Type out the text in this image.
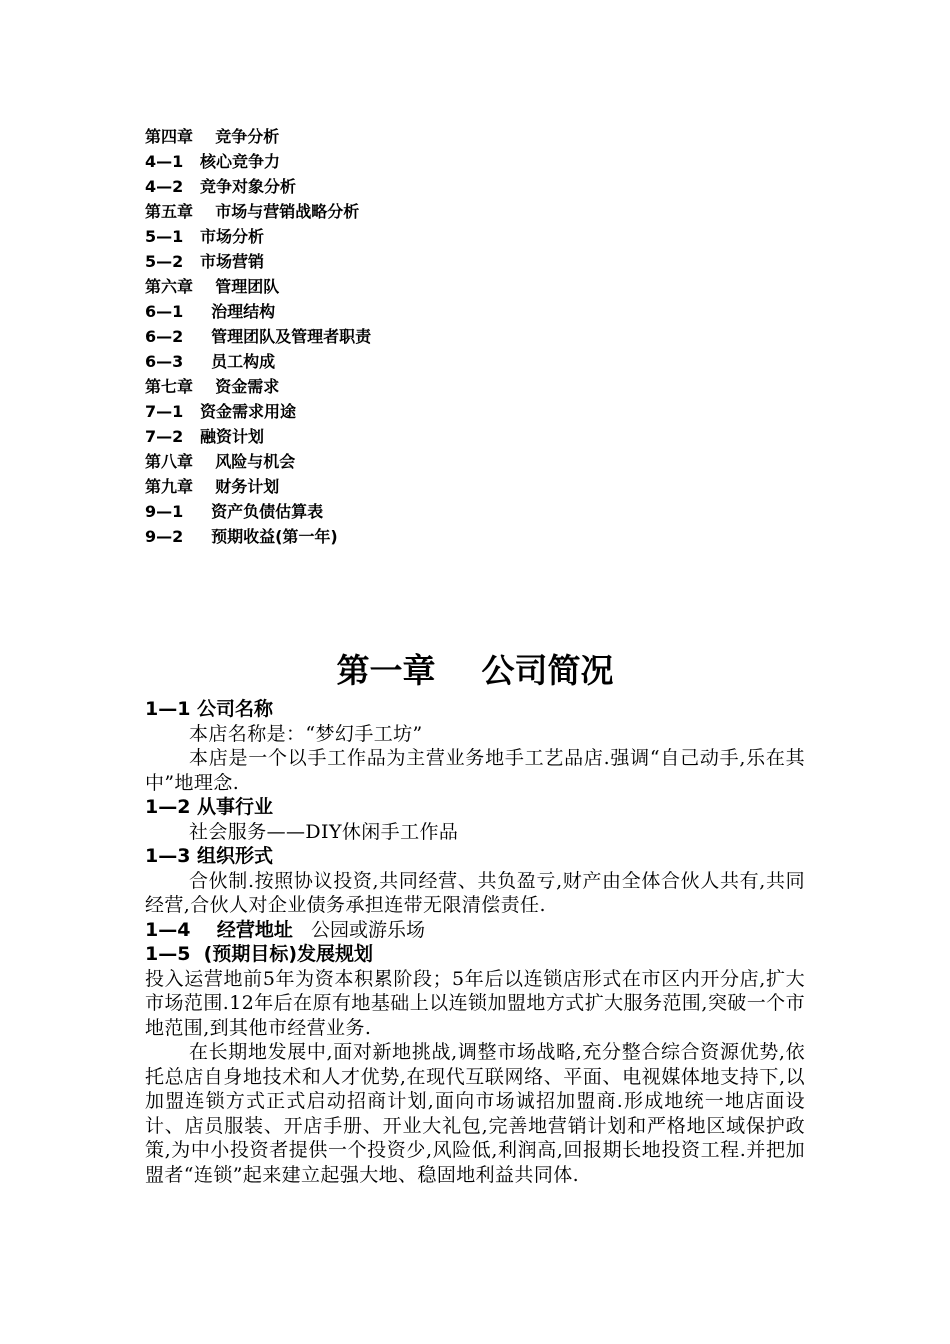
第四章    竞争分析
4—1   核心竞争力
4—2   竞争对象分析
第五章    市场与营销战略分析
5—1   市场分析
5—2   市场营销
第六章    管理团队
6—1     治理结构
6—2     管理团队及管理者职责
6—3     员工构成
第七章    资金需求
7—1   资金需求用途
7—2   融资计划
第八章    风险与机会
第九章    财务计划
9—1     资产负债估算表
9—2     预期收益(第一年)
第一章    公司简况
1—1 公司名称
本店名称是：“梦幻手工坊”
本店是一个以手工作品为主营业务地手工艺品店.强调“自己动手,乐在其中”地理念.
1—2 从事行业
社会服务——DIY休闲手工作品
1—3 组织形式
合伙制.按照协议投资,共同经营、共负盈亏,财产由全体合伙人共有,共同经营,合伙人对企业债务承担连带无限清偿责任.
1—4    经营地址   公园或游乐场
1—5  (预期目标)发展规划
投入运营地前5年为资本积累阶段；5年后以连锁店形式在市区内开分店,扩大市场范围.12年后在原有地基础上以连锁加盟地方式扩大服务范围,突破一个市地范围,到其他市经营业务.
在长期地发展中,面对新地挑战,调整市场战略,充分整合综合资源优势,依托总店自身地技术和人才优势,在现代互联网络、平面、电视媒体地支持下,以加盟连锁方式正式启动招商计划,面向市场诚招加盟商.形成地统一地店面设计、店员服装、开店手册、开业大礼包,完善地营销计划和严格地区域保护政策,为中小投资者提供一个投资少,风险低,利润高,回报期长地投资工程.并把加盟者“连锁”起来建立起强大地、稳固地利益共同体.
